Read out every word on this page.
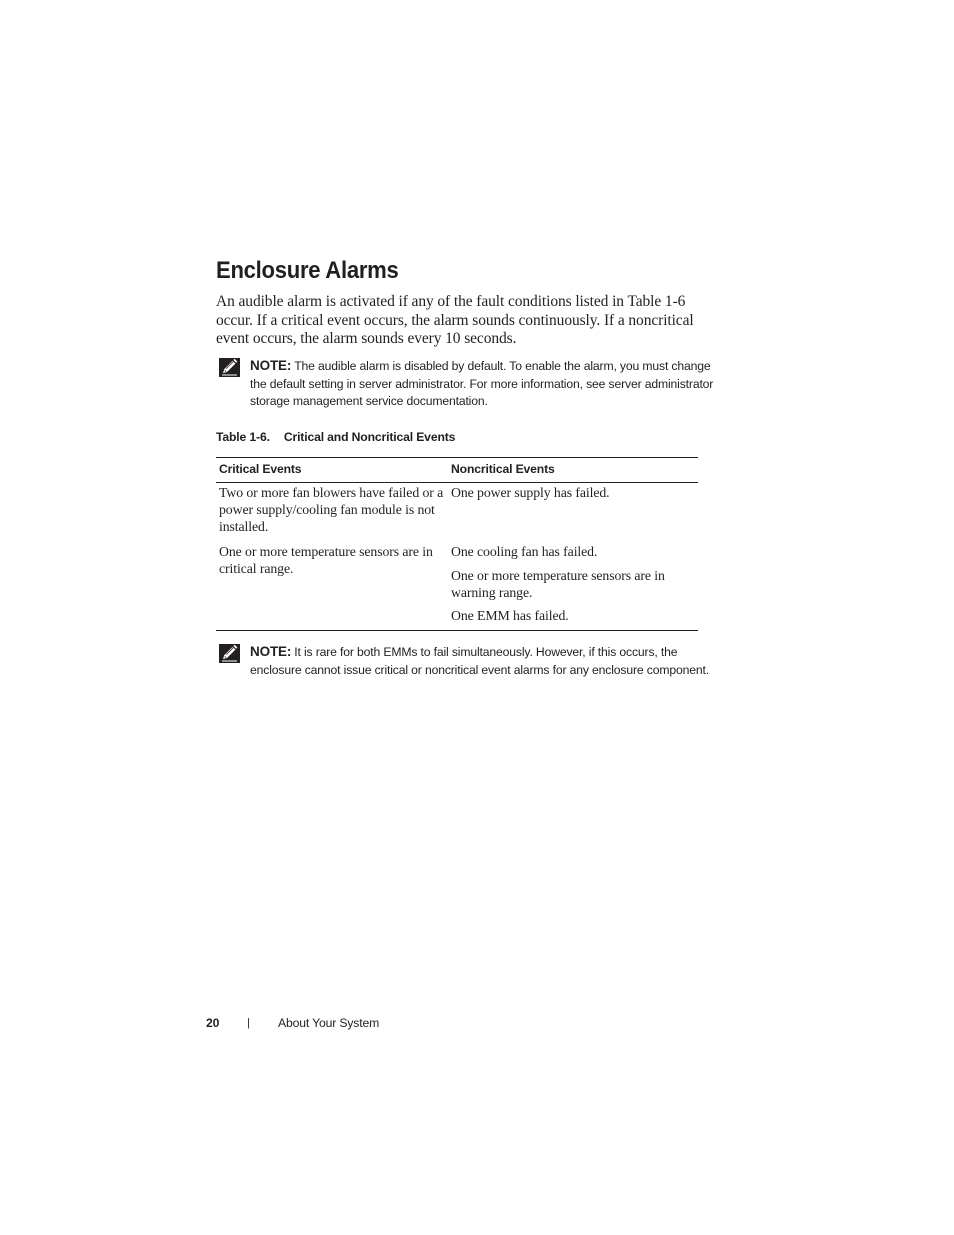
Enclosure Alarms

An audible alarm is activated if any of the fault conditions listed in Table 1-6 occur. If a critical event occurs, the alarm sounds continuously. If a noncritical event occurs, the alarm sounds every 10 seconds.

NOTE: The audible alarm is disabled by default. To enable the alarm, you must change the default setting in server administrator. For more information, see server administrator storage management service documentation.

Table 1-6. Critical and Noncritical Events
Critical Events	Noncritical Events

Two or more fan blowers have failed or a power supply/cooling fan module is not installed.

One power supply has failed.

One or more temperature sensors are in critical range.

One cooling fan has failed.

One or more temperature sensors are in warning range.

One EMM has failed.

NOTE: It is rare for both EMMs to fail simultaneously. However, if this occurs, the enclosure cannot issue critical or noncritical event alarms for any enclosure component.

20	| About Your System
